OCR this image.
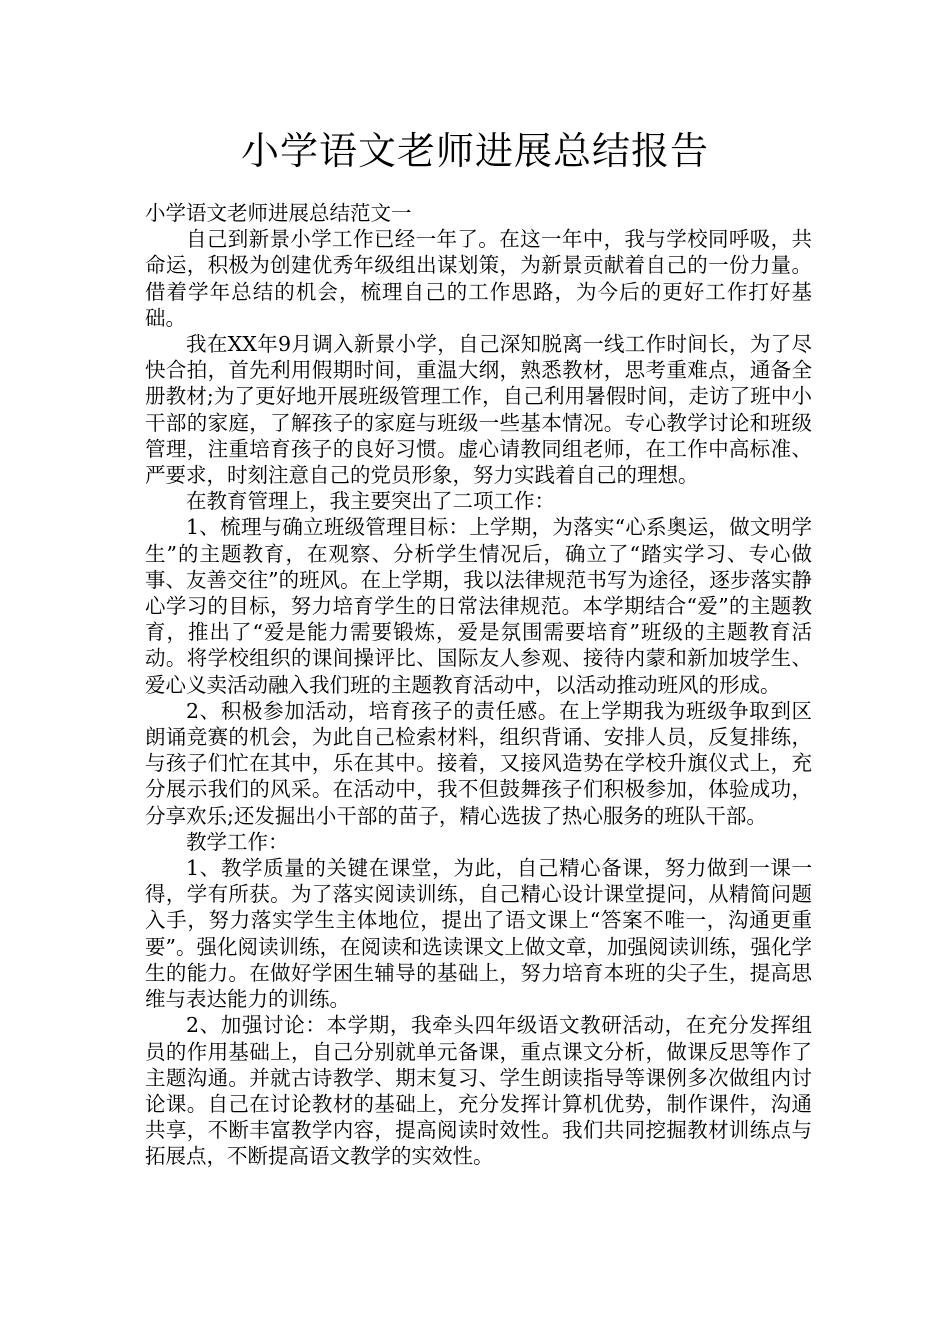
小学语文老师进展总结报告

小学语文老师进展总结范文一

自己到新景小学工作已经一年了。在这一年中，我与学校同呼吸，共命运，积极为创建优秀年级组出谋划策，为新景贡献着自己的一份力量。借着学年总结的机会，梳理自己的工作思路，为今后的更好工作打好基础。

我在XX年9月调入新景小学，自己深知脱离一线工作时间长，为了尽快合拍，首先利用假期时间，重温大纲，熟悉教材，思考重难点，通备全册教材;为了更好地开展班级管理工作，自己利用暑假时间，走访了班中小干部的家庭，了解孩子的家庭与班级一些基本情况。专心教学讨论和班级管理，注重培育孩子的良好习惯。虚心请教同组老师，在工作中高标准、严要求，时刻注意自己的党员形象，努力实践着自己的理想。

在教育管理上，我主要突出了二项工作：

1、梳理与确立班级管理目标：上学期，为落实“心系奥运，做文明学生”的主题教育，在观察、分析学生情况后，确立了“踏实学习、专心做事、友善交往”的班风。在上学期，我以法律规范书写为途径，逐步落实静心学习的目标，努力培育学生的日常法律规范。本学期结合“爱”的主题教育，推出了“爱是能力需要锻炼，爱是氛围需要培育”班级的主题教育活动。将学校组织的课间操评比、国际友人参观、接待内蒙和新加坡学生、爱心义卖活动融入我们班的主题教育活动中，以活动推动班风的形成。

2、积极参加活动，培育孩子的责任感。在上学期我为班级争取到区朗诵竞赛的机会，为此自己检索材料，组织背诵、安排人员，反复排练，与孩子们忙在其中，乐在其中。接着，又接风造势在学校升旗仪式上，充分展示我们的风采。在活动中，我不但鼓舞孩子们积极参加，体验成功，分享欢乐;还发掘出小干部的苗子，精心选拔了热心服务的班队干部。

教学工作：

1、教学质量的关键在课堂，为此，自己精心备课，努力做到一课一得，学有所获。为了落实阅读训练，自己精心设计课堂提问，从精简问题入手，努力落实学生主体地位，提出了语文课上“答案不唯一，沟通更重要”。强化阅读训练，在阅读和选读课文上做文章，加强阅读训练，强化学生的能力。在做好学困生辅导的基础上，努力培育本班的尖子生，提高思维与表达能力的训练。

2、加强讨论：本学期，我牵头四年级语文教研活动，在充分发挥组员的作用基础上，自己分别就单元备课，重点课文分析，做课反思等作了主题沟通。并就古诗教学、期末复习、学生朗读指导等课例多次做组内讨论课。自己在讨论教材的基础上，充分发挥计算机优势，制作课件，沟通共享，不断丰富教学内容，提高阅读时效性。我们共同挖掘教材训练点与拓展点，不断提高语文教学的实效性。
